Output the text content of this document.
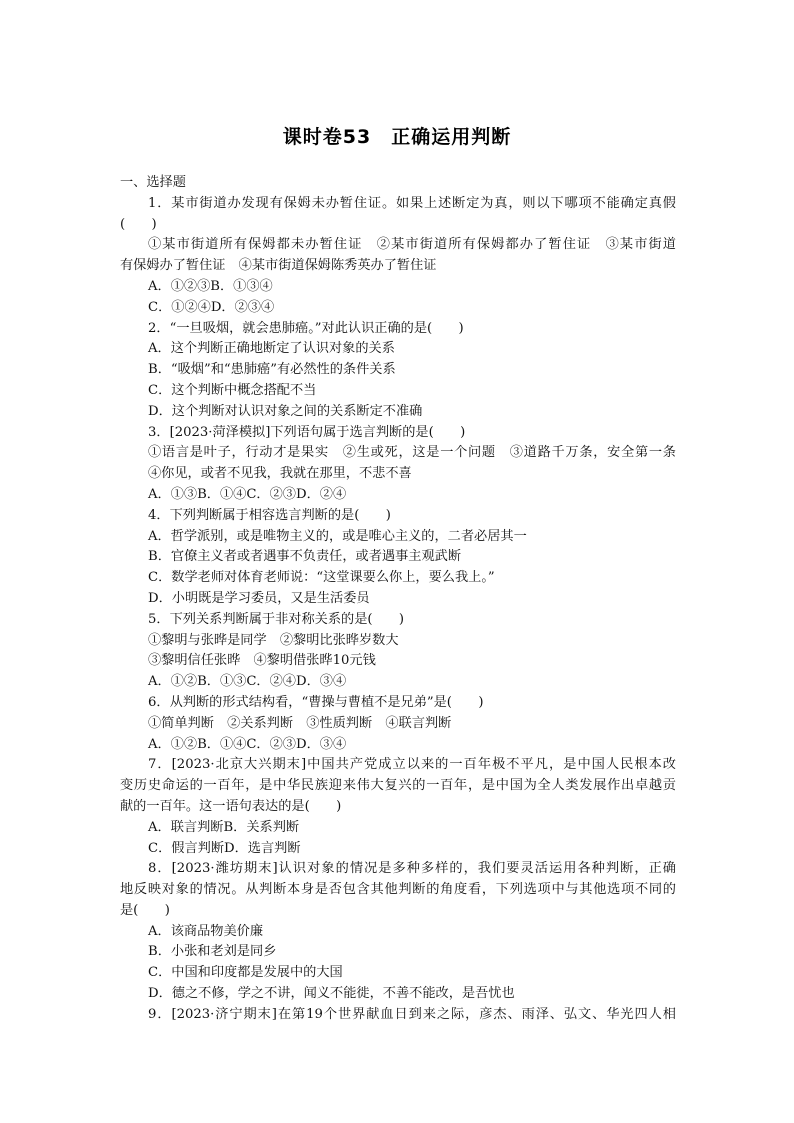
课时卷53　正确运用判断
一、选择题
1．某市街道办发现有保姆未办暂住证。如果上述断定为真，则以下哪项不能确定真假
(　　)
①某市街道所有保姆都未办暂住证　②某市街道所有保姆都办了暂住证　③某市街道
有保姆办了暂住证　④某市街道保姆陈秀英办了暂住证
A．①②③B．①③④
C．①②④D．②③④
2．“一旦吸烟，就会患肺癌。”对此认识正确的是(　　)
A．这个判断正确地断定了认识对象的关系
B．“吸烟”和“患肺癌”有必然性的条件关系
C．这个判断中概念搭配不当
D．这个判断对认识对象之间的关系断定不准确
3．[2023·菏泽模拟]下列语句属于选言判断的是(　　)
①语言是叶子，行动才是果实　②生或死，这是一个问题　③道路千万条，安全第一条
④你见，或者不见我，我就在那里，不悲不喜
A．①③B．①④C．②③D．②④
4．下列判断属于相容选言判断的是(　　)
A．哲学派别，或是唯物主义的，或是唯心主义的，二者必居其一
B．官僚主义者或者遇事不负责任，或者遇事主观武断
C．数学老师对体育老师说：“这堂课要么你上，要么我上。”
D．小明既是学习委员，又是生活委员
5．下列关系判断属于非对称关系的是(　　)
①黎明与张晔是同学　②黎明比张晔岁数大
③黎明信任张晔　④黎明借张晔10元钱
A．①②B．①③C．②④D．③④
6．从判断的形式结构看，“曹操与曹植不是兄弟”是(　　)
①简单判断　②关系判断　③性质判断　④联言判断
A．①②B．①④C．②③D．③④
7．[2023·北京大兴期末]中国共产党成立以来的一百年极不平凡，是中国人民根本改
变历史命运的一百年，是中华民族迎来伟大复兴的一百年，是中国为全人类发展作出卓越贡
献的一百年。这一语句表达的是(　　)
A．联言判断B．关系判断
C．假言判断D．选言判断
8．[2023·潍坊期末]认识对象的情况是多种多样的，我们要灵活运用各种判断，正确
地反映对象的情况。从判断本身是否包含其他判断的角度看，下列选项中与其他选项不同的
是(　　)
A．该商品物美价廉
B．小张和老刘是同乡
C．中国和印度都是发展中的大国
D．德之不修，学之不讲，闻义不能徙，不善不能改，是吾忧也
9．[2023·济宁期末]在第19个世界献血日到来之际，彦杰、雨泽、弘文、华光四人相
